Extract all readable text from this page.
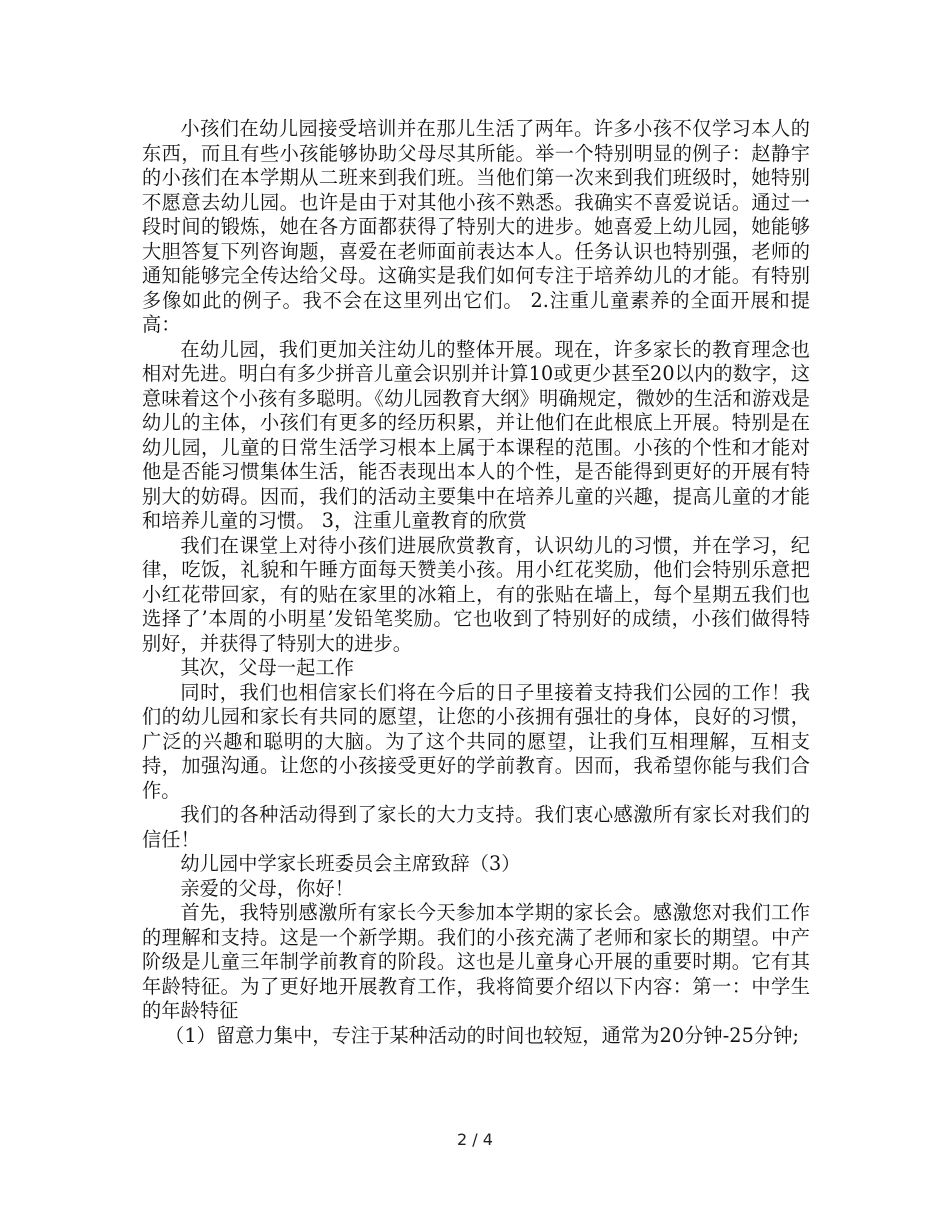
小孩们在幼儿园接受培训并在那儿生活了两年。许多小孩不仅学习本人的东西，而且有些小孩能够协助父母尽其所能。举一个特别明显的例子：赵静宇的小孩们在本学期从二班来到我们班。当他们第一次来到我们班级时，她特别不愿意去幼儿园。也许是由于对其他小孩不熟悉。我确实不喜爱说话。通过一段时间的锻炼，她在各方面都获得了特别大的进步。她喜爱上幼儿园，她能够大胆答复下列咨询题，喜爱在老师面前表达本人。任务认识也特别强，老师的通知能够完全传达给父母。这确实是我们如何专注于培养幼儿的才能。有特别多像如此的例子。我不会在这里列出它们。 2.注重儿童素养的全面开展和提高：

在幼儿园，我们更加关注幼儿的整体开展。现在，许多家长的教育理念也相对先进。明白有多少拼音儿童会识别并计算10或更少甚至20以内的数字，这意味着这个小孩有多聪明。《幼儿园教育大纲》明确规定，微妙的生活和游戏是幼儿的主体，小孩们有更多的经历积累，并让他们在此根底上开展。特别是在幼儿园，儿童的日常生活学习根本上属于本课程的范围。小孩的个性和才能对他是否能习惯集体生活，能否表现出本人的个性，是否能得到更好的开展有特别大的妨碍。因而，我们的活动主要集中在培养儿童的兴趣，提高儿童的才能和培养儿童的习惯。 3，注重儿童教育的欣赏

我们在课堂上对待小孩们进展欣赏教育，认识幼儿的习惯，并在学习，纪律，吃饭，礼貌和午睡方面每天赞美小孩。用小红花奖励，他们会特别乐意把小红花带回家，有的贴在家里的冰箱上，有的张贴在墙上，每个星期五我们也选择了’本周的小明星’发铅笔奖励。它也收到了特别好的成绩，小孩们做得特别好，并获得了特别大的进步。

其次，父母一起工作

同时，我们也相信家长们将在今后的日子里接着支持我们公园的工作！我们的幼儿园和家长有共同的愿望，让您的小孩拥有强壮的身体，良好的习惯，广泛的兴趣和聪明的大脑。为了这个共同的愿望，让我们互相理解，互相支持，加强沟通。让您的小孩接受更好的学前教育。因而，我希望你能与我们合作。

我们的各种活动得到了家长的大力支持。我们衷心感激所有家长对我们的信任！

幼儿园中学家长班委员会主席致辞（3）

亲爱的父母，你好！

首先，我特别感激所有家长今天参加本学期的家长会。感激您对我们工作的理解和支持。这是一个新学期。我们的小孩充满了老师和家长的期望。中产阶级是儿童三年制学前教育的阶段。这也是儿童身心开展的重要时期。它有其年龄特征。为了更好地开展教育工作，我将简要介绍以下内容：第一：中学生的年龄特征

（1）留意力集中，专注于某种活动的时间也较短，通常为20分钟-25分钟;

2 / 4
